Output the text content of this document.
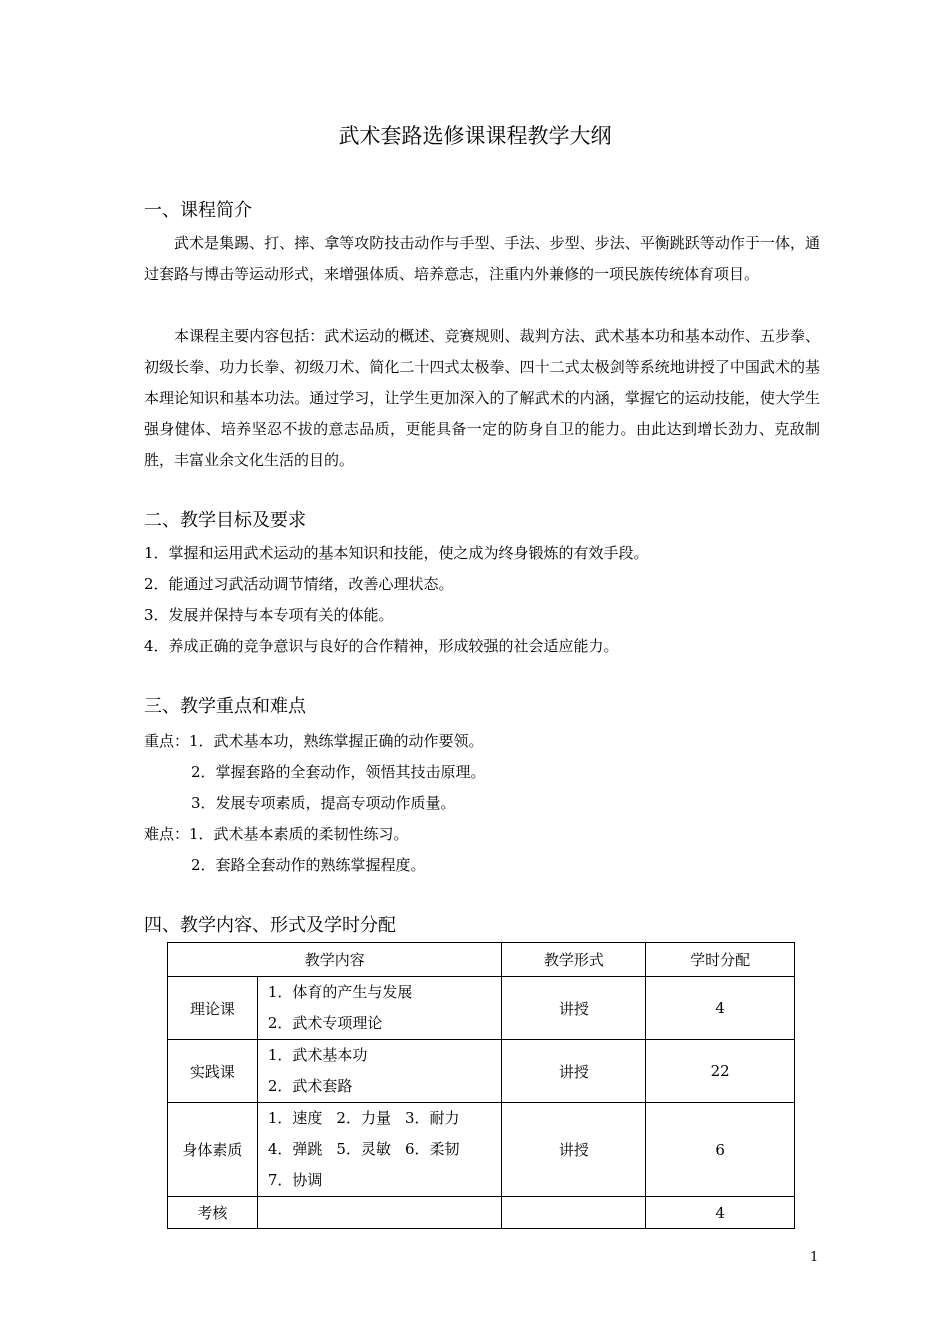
武术套路选修课课程教学大纲
一、课程简介
武术是集踢、打、摔、拿等攻防技击动作与手型、手法、步型、步法、平衡跳跃等动作于一体，通过套路与博击等运动形式，来增强体质、培养意志，注重内外兼修的一项民族传统体育项目。
本课程主要内容包括：武术运动的概述、竞赛规则、裁判方法、武术基本功和基本动作、五步拳、初级长拳、功力长拳、初级刀术、简化二十四式太极拳、四十二式太极剑等系统地讲授了中国武术的基本理论知识和基本功法。通过学习，让学生更加深入的了解武术的内涵，掌握它的运动技能，使大学生强身健体、培养坚忍不拔的意志品质，更能具备一定的防身自卫的能力。由此达到增长劲力、克敌制胜，丰富业余文化生活的目的。
二、教学目标及要求
1．掌握和运用武术运动的基本知识和技能，使之成为终身锻炼的有效手段。
2．能通过习武活动调节情绪，改善心理状态。
3．发展并保持与本专项有关的体能。
4．养成正确的竞争意识与良好的合作精神，形成较强的社会适应能力。
三、教学重点和难点
重点：1．武术基本功，熟练掌握正确的动作要领。
2．掌握套路的全套动作，领悟其技击原理。
3．发展专项素质，提高专项动作质量。
难点：1．武术基本素质的柔韧性练习。
2．套路全套动作的熟练掌握程度。
四、教学内容、形式及学时分配
教学内容		教学形式	学时分配
理论课	1．体育的产生与发展
2．武术专项理论	讲授	4
实践课	1．武术基本功
2．武术套路	讲授	22
身体素质	1．速度 2．力量 3．耐力
4．弹跳 5．灵敏 6．柔韧
7．协调	讲授	6
考核			4
1
